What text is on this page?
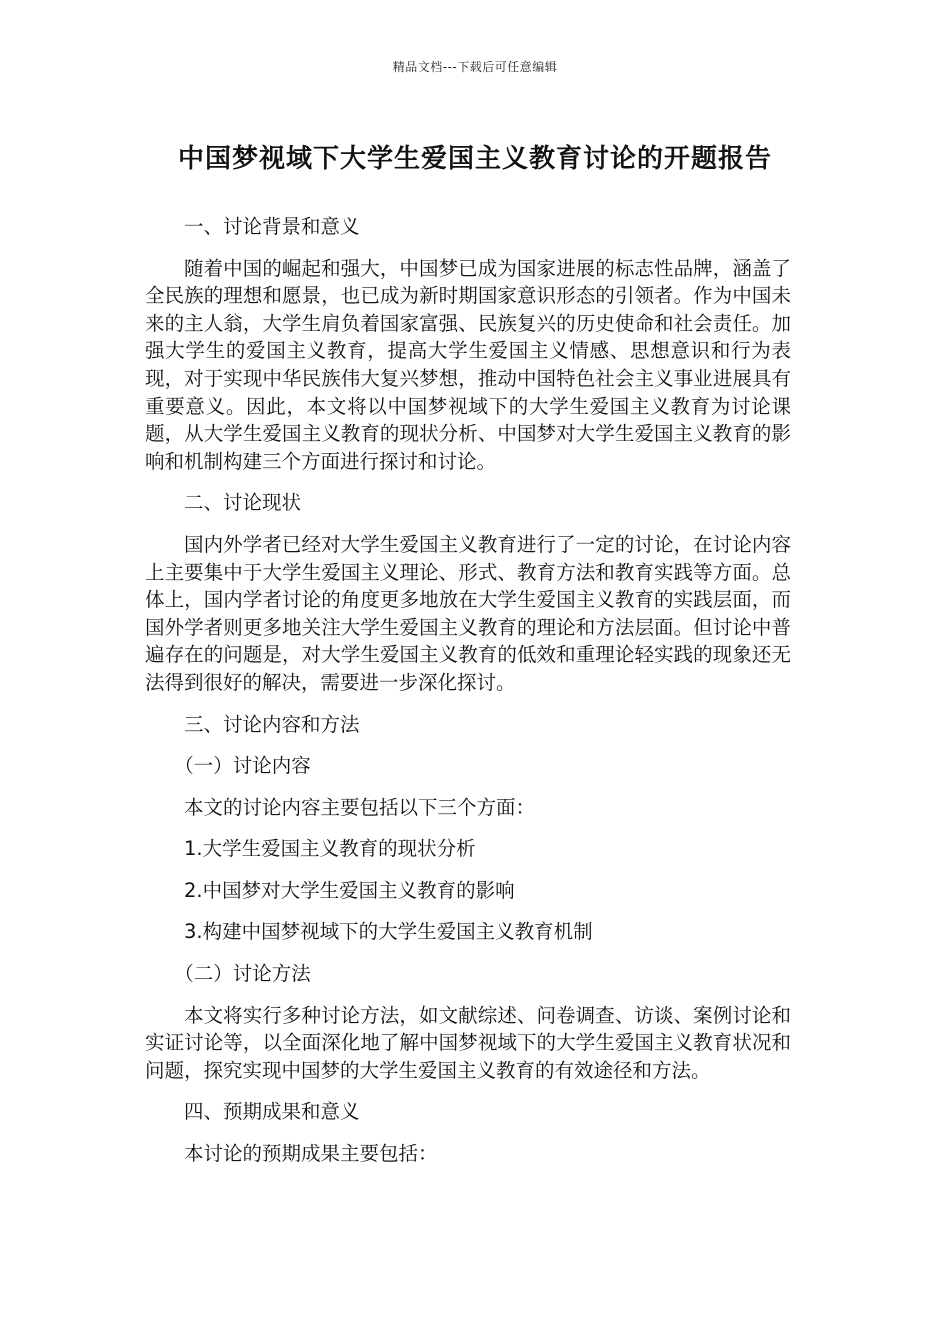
精品文档---下载后可任意编辑
中国梦视域下大学生爱国主义教育讨论的开题报告

一、讨论背景和意义

随着中国的崛起和强大，中国梦已成为国家进展的标志性品牌，涵盖了全民族的理想和愿景，也已成为新时期国家意识形态的引领者。作为中国未来的主人翁，大学生肩负着国家富强、民族复兴的历史使命和社会责任。加强大学生的爱国主义教育，提高大学生爱国主义情感、思想意识和行为表现，对于实现中华民族伟大复兴梦想，推动中国特色社会主义事业进展具有重要意义。因此，本文将以中国梦视域下的大学生爱国主义教育为讨论课题，从大学生爱国主义教育的现状分析、中国梦对大学生爱国主义教育的影响和机制构建三个方面进行探讨和讨论。

二、讨论现状

国内外学者已经对大学生爱国主义教育进行了一定的讨论，在讨论内容上主要集中于大学生爱国主义理论、形式、教育方法和教育实践等方面。总体上，国内学者讨论的角度更多地放在大学生爱国主义教育的实践层面，而国外学者则更多地关注大学生爱国主义教育的理论和方法层面。但讨论中普遍存在的问题是，对大学生爱国主义教育的低效和重理论轻实践的现象还无法得到很好的解决，需要进一步深化探讨。

三、讨论内容和方法

（一）讨论内容

本文的讨论内容主要包括以下三个方面：

1.大学生爱国主义教育的现状分析

2.中国梦对大学生爱国主义教育的影响

3.构建中国梦视域下的大学生爱国主义教育机制

（二）讨论方法

本文将实行多种讨论方法，如文献综述、问卷调查、访谈、案例讨论和实证讨论等，以全面深化地了解中国梦视域下的大学生爱国主义教育状况和问题，探究实现中国梦的大学生爱国主义教育的有效途径和方法。

四、预期成果和意义

本讨论的预期成果主要包括：
